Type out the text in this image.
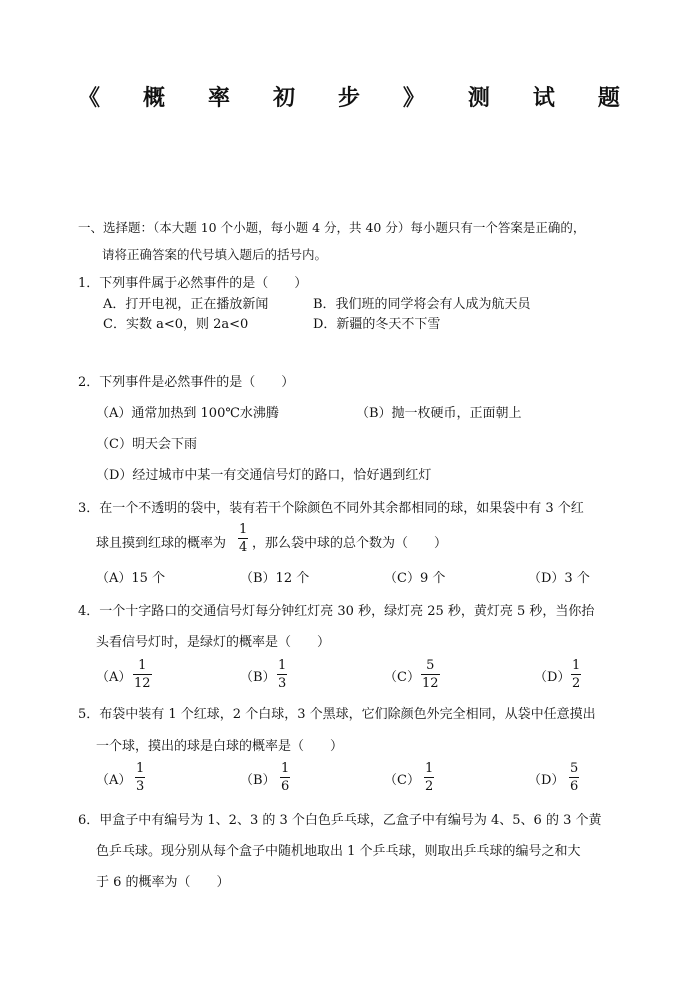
《 概 率 初 步 》 测 试 题
一、选择题：（本大题 10 个小题，每小题 4 分，共 40 分）每小题只有一个答案是正确的，
请将正确答案的代号填入题后的括号内。
1．下列事件属于必然事件的是（　　）
A．打开电视，正在播放新闻	B．我们班的同学将会有人成为航天员
C．实数 a<0，则 2a<0	D．新疆的冬天不下雪
2．下列事件是必然事件的是（　　）
（A）通常加热到 100℃水沸腾	（B）抛一枚硬币，正面朝上
（C）明天会下雨
（D）经过城市中某一有交通信号灯的路口，恰好遇到红灯
3．在一个不透明的袋中，装有若干个除颜色不同外其余都相同的球，如果袋中有 3 个红
球且摸到红球的概率为
1
4 ，那么袋中球的总个数为（　　）
（A）15 个	（B）12 个	（C）9 个	（D）3 个
4．一个十字路口的交通信号灯每分钟红灯亮 30 秒，绿灯亮 25 秒，黄灯亮 5 秒，当你抬
头看信号灯时，是绿灯的概率是（　　）
（A）
1
12	（B）
1
3	（C）
5
12	（D）
1
2
5．布袋中装有 1 个红球，2 个白球，3 个黑球，它们除颜色外完全相同，从袋中任意摸出
一个球，摸出的球是白球的概率是（　　）
（A）
1
3	（B）
1
6	（C）
1
2	（D）
5
6
6．甲盒子中有编号为 1、2、3 的 3 个白色乒乓球，乙盒子中有编号为 4、5、6 的 3 个黄
色乒乓球。现分别从每个盒子中随机地取出 1 个乒乓球，则取出乒乓球的编号之和大
于 6 的概率为（　　）
